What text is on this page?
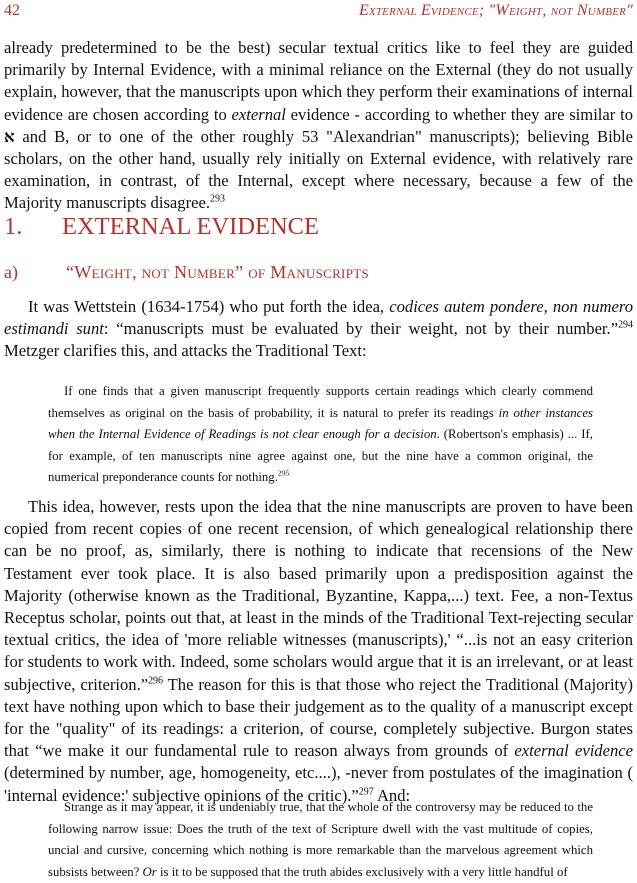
42	External Evidence; "Weight, not Number"
already predetermined to be the best) secular textual critics like to feel they are guided primarily by Internal Evidence, with a minimal reliance on the External (they do not usually explain, however, that the manuscripts upon which they perform their examinations of internal evidence are chosen according to external evidence - according to whether they are similar to א and B, or to one of the other roughly 53 "Alexandrian" manuscripts); believing Bible scholars, on the other hand, usually rely initially on External evidence, with relatively rare examination, in contrast, of the Internal, except where necessary, because a few of the Majority manuscripts disagree.$^{293}$
1.	EXTERNAL EVIDENCE
a)	“Weight, not Number” of Manuscripts
It was Wettstein (1634-1754) who put forth the idea, codices autem pondere, non numero estimandi sunt: “manuscripts must be evaluated by their weight, not by their number.”$^{294}$ Metzger clarifies this, and attacks the Traditional Text:
If one finds that a given manuscript frequently supports certain readings which clearly commend themselves as original on the basis of probability, it is natural to prefer its readings in other instances when the Internal Evidence of Readings is not clear enough for a decision. (Robertson's emphasis) ... If, for example, of ten manuscripts nine agree against one, but the nine have a common original, the numerical preponderance counts for nothing.$^{295}$
This idea, however, rests upon the idea that the nine manuscripts are proven to have been copied from recent copies of one recent recension, of which genealogical relationship there can be no proof, as, similarly, there is nothing to indicate that recensions of the New Testament ever took place. It is also based primarily upon a predisposition against the Majority (otherwise known as the Traditional, Byzantine, Kappa,...) text. Fee, a non-Textus Receptus scholar, points out that, at least in the minds of the Traditional Text-rejecting secular textual critics, the idea of 'more reliable witnesses (manuscripts),' “...is not an easy criterion for students to work with. Indeed, some scholars would argue that it is an irrelevant, or at least subjective, criterion.”$^{296}$ The reason for this is that those who reject the Traditional (Majority) text have nothing upon which to base their judgement as to the quality of a manuscript except for the "quality" of its readings: a criterion, of course, completely subjective. Burgon states that “we make it our fundamental rule to reason always from grounds of external evidence (determined by number, age, homogeneity, etc....), -never from postulates of the imagination ( 'internal evidence:' subjective opinions of the critic).”$^{297}$ And:
Strange as it may appear, it is undeniably true, that the whole of the controversy may be reduced to the following narrow issue: Does the truth of the text of Scripture dwell with the vast multitude of copies, uncial and cursive, concerning which nothing is more remarkable than the marvelous agreement which subsists between? Or is it to be supposed that the truth abides exclusively with a very little handful of
